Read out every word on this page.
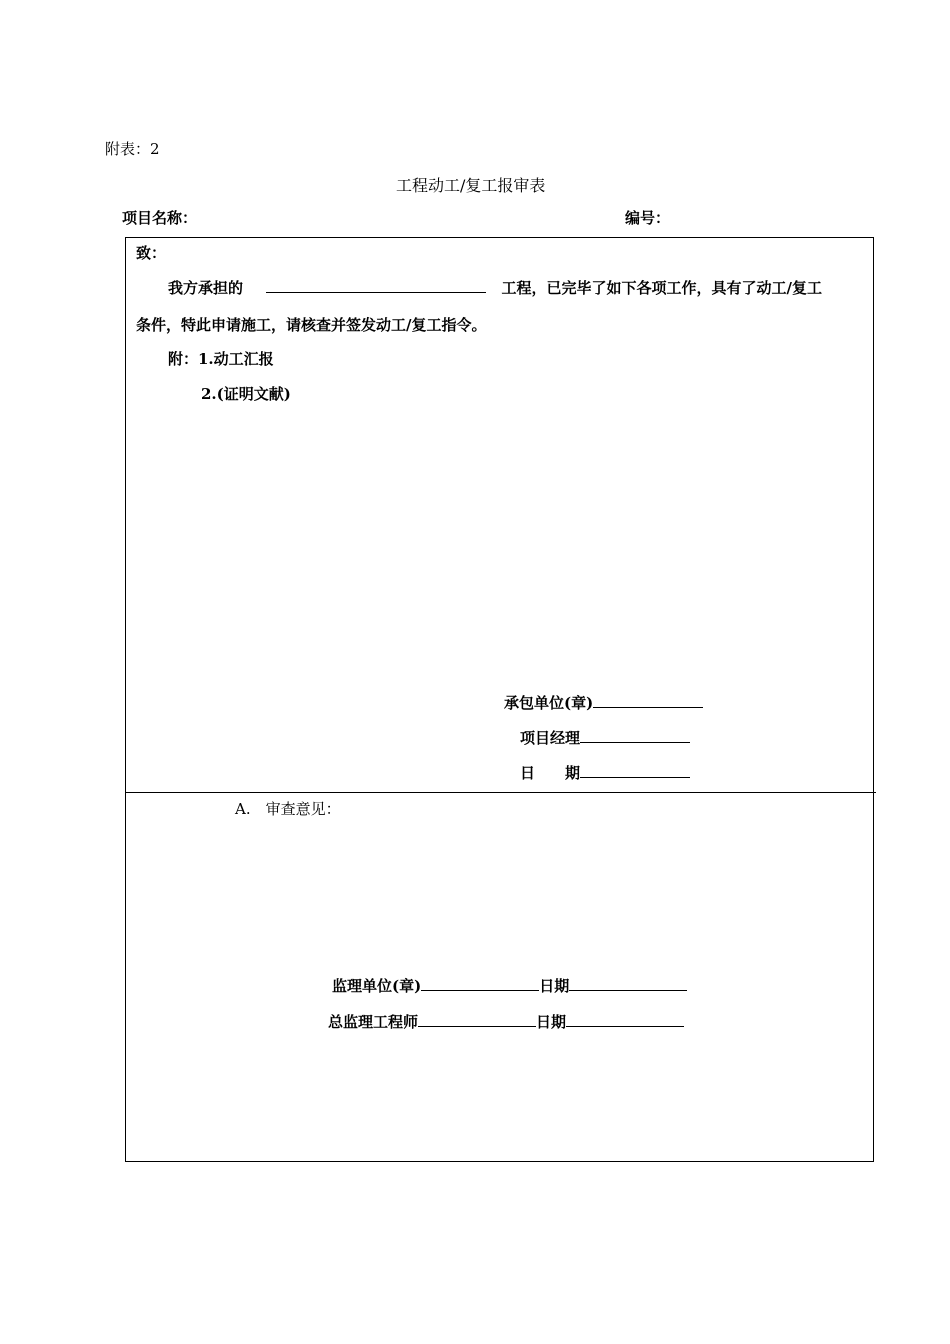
附表：2
工程动工/复工报审表
项目名称：	编号：
致：
我方承担的	工程，已完毕了如下各项工作，具有了动工/复工
条件，特此申请施工，请核查并签发动工/复工指令。
附：1.动工汇报
2.(证明文献)
承包单位(章)
项目经理
日　　期
A.　审查意见：
监理单位(章)	日期
总监理工程师	日期
